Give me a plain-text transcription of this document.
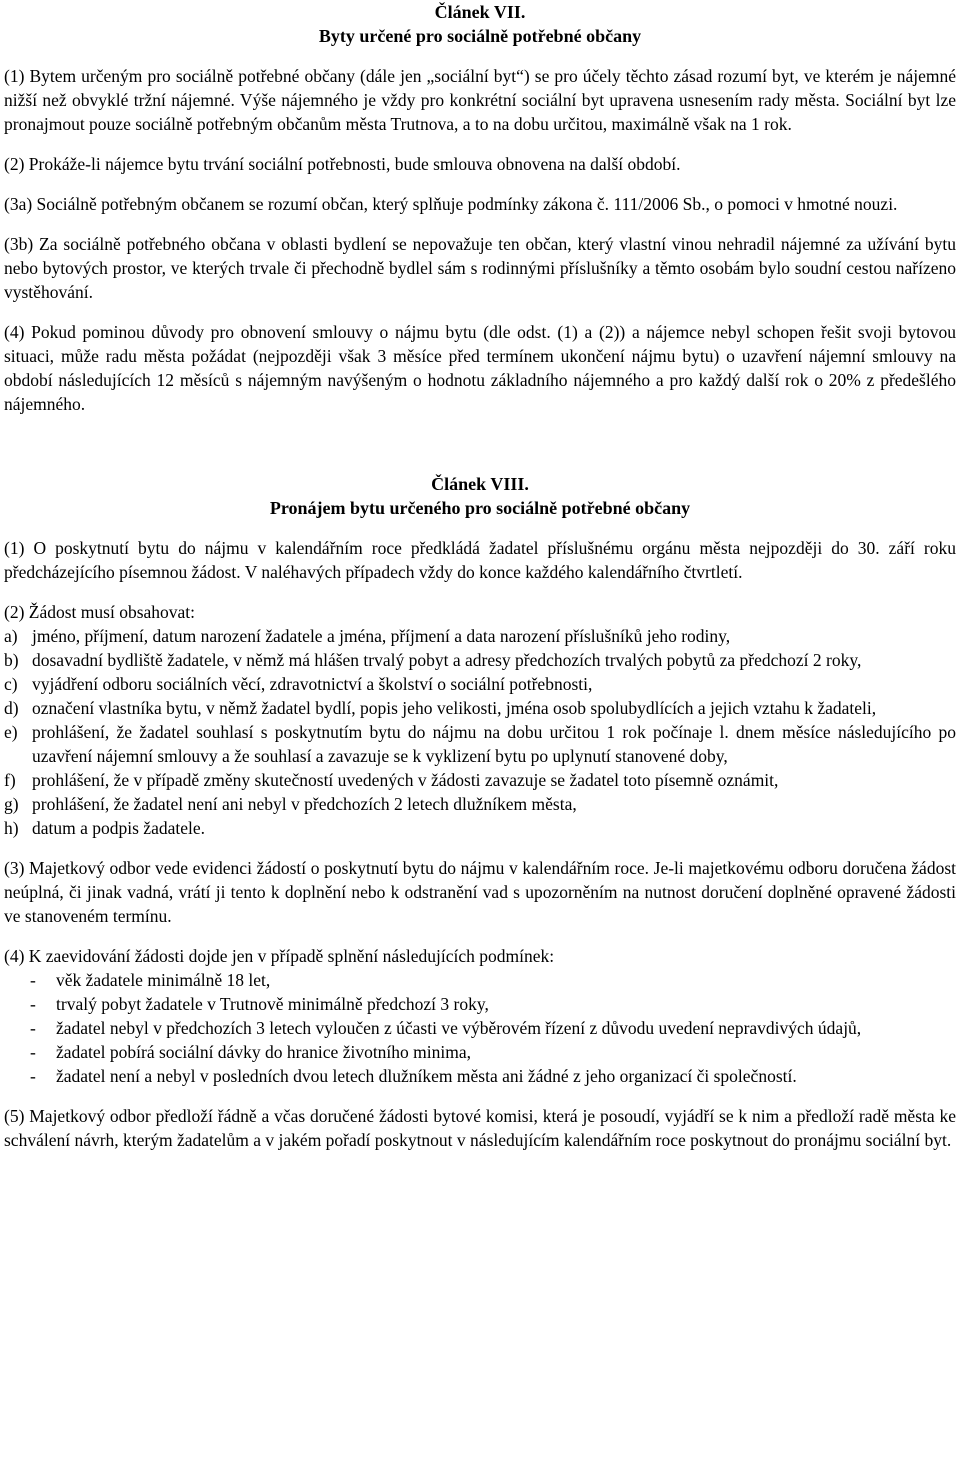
Článek VII.
Byty určené pro sociálně potřebné občany

(1) Bytem určeným pro sociálně potřebné občany (dále jen „sociální byt“) se pro účely těchto zásad rozumí byt, ve kterém je nájemné nižší než obvyklé tržní nájemné. Výše nájemného je vždy pro konkrétní sociální byt upravena usnesením rady města. Sociální byt lze pronajmout pouze sociálně potřebným občanům města Trutnova, a to na dobu určitou, maximálně však na 1 rok.

(2) Prokáže-li nájemce bytu trvání sociální potřebnosti, bude smlouva obnovena na další období.

(3a) Sociálně potřebným občanem se rozumí občan, který splňuje podmínky zákona č. 111/2006 Sb., o pomoci v hmotné nouzi.

(3b) Za sociálně potřebného občana v oblasti bydlení se nepovažuje ten občan, který vlastní vinou nehradil nájemné za užívání bytu nebo bytových prostor, ve kterých trvale či přechodně bydlel sám s rodinnými příslušníky a těmto osobám bylo soudní cestou nařízeno vystěhování.

(4) Pokud pominou důvody pro obnovení smlouvy o nájmu bytu (dle odst. (1) a (2)) a nájemce nebyl schopen řešit svoji bytovou situaci, může radu města požádat (nejpozději však 3 měsíce před termínem ukončení nájmu bytu) o uzavření nájemní smlouvy na období následujících 12 měsíců s nájemným navýšeným o hodnotu základního nájemného a pro každý další rok o 20% z předešlého nájemného.

Článek VIII.
Pronájem bytu určeného pro sociálně potřebné občany

(1) O poskytnutí bytu do nájmu v kalendářním roce předkládá žadatel příslušnému orgánu města nejpozději do 30. září roku předcházejícího písemnou žádost. V naléhavých případech vždy do konce každého kalendářního čtvrtletí.

(2) Žádost musí obsahovat:

a) jméno, příjmení, datum narození žadatele a jména, příjmení a data narození příslušníků jeho rodiny,
b) dosavadní bydliště žadatele, v němž má hlášen trvalý pobyt a adresy předchozích trvalých pobytů za předchozí 2 roky,
c) vyjádření odboru sociálních věcí, zdravotnictví a školství o sociální potřebnosti,
d) označení vlastníka bytu, v němž žadatel bydlí, popis jeho velikosti, jména osob spolubydlících a jejich vztahu k žadateli,
e) prohlášení, že žadatel souhlasí s poskytnutím bytu do nájmu na dobu určitou 1 rok počínaje l. dnem měsíce následujícího po uzavření nájemní smlouvy a že souhlasí a zavazuje se k vyklizení bytu po uplynutí stanovené doby,
f) prohlášení, že v případě změny skutečností uvedených v žádosti zavazuje se žadatel toto písemně oznámit,
g) prohlášení, že žadatel není ani nebyl v předchozích 2 letech dlužníkem města,
h) datum a podpis žadatele.

(3) Majetkový odbor vede evidenci žádostí o poskytnutí bytu do nájmu v kalendářním roce. Je-li majetkovému odboru doručena žádost neúplná, či jinak vadná, vrátí ji tento k doplnění nebo k odstranění vad s upozorněním na nutnost doručení doplněné opravené žádosti ve stanoveném termínu.

(4) K zaevidování žádosti dojde jen v případě splnění následujících podmínek:

-	věk žadatele minimálně 18 let,
-	trvalý pobyt žadatele v Trutnově minimálně předchozí 3 roky,
-	žadatel nebyl v předchozích 3 letech vyloučen z účasti ve výběrovém řízení z důvodu uvedení nepravdivých údajů,
-	žadatel pobírá sociální dávky do hranice životního minima,
-	žadatel není a nebyl v posledních dvou letech dlužníkem města ani žádné z jeho organizací či společností.

(5) Majetkový odbor předloží řádně a včas doručené žádosti bytové komisi, která je posoudí, vyjádří se k nim a předloží radě města ke schválení návrh, kterým žadatelům a v jakém pořadí poskytnout v následujícím kalendářním roce poskytnout do pronájmu sociální byt.
